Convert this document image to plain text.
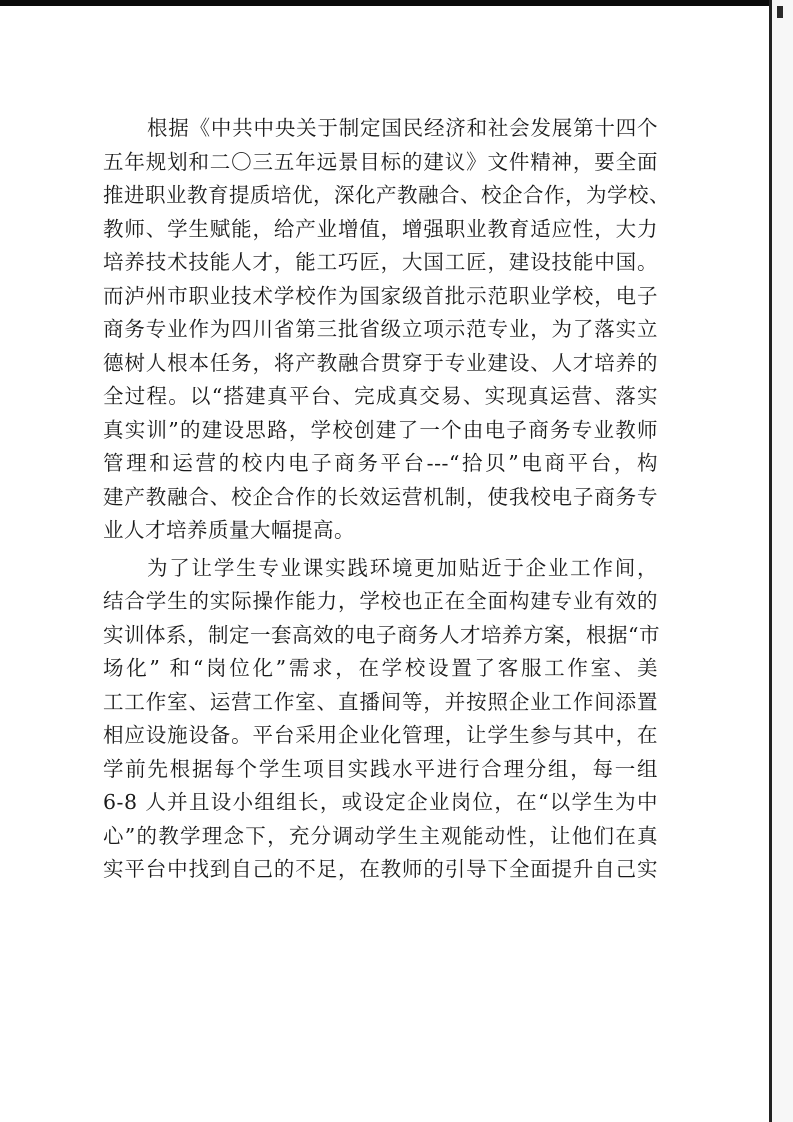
根据《中共中央关于制定国民经济和社会发展第十四个
五年规划和二〇三五年远景目标的建议》文件精神，要全面
推进职业教育提质培优，深化产教融合、校企合作，为学校、
教师、学生赋能，给产业增值，增强职业教育适应性，大力
培养技术技能人才，能工巧匠，大国工匠，建设技能中国。
而泸州市职业技术学校作为国家级首批示范职业学校，电子
商务专业作为四川省第三批省级立项示范专业，为了落实立
德树人根本任务，将产教融合贯穿于专业建设、人才培养的
全过程。以“搭建真平台、完成真交易、实现真运营、落实
真实训”的建设思路，学校创建了一个由电子商务专业教师
管理和运营的校内电子商务平台---“拾贝”电商平台，构
建产教融合、校企合作的长效运营机制，使我校电子商务专
业人才培养质量大幅提高。
为了让学生专业课实践环境更加贴近于企业工作间，
结合学生的实际操作能力，学校也正在全面构建专业有效的
实训体系，制定一套高效的电子商务人才培养方案，根据“市
场化” 和“岗位化”需求，在学校设置了客服工作室、美
工工作室、运营工作室、直播间等，并按照企业工作间添置
相应设施设备。平台采用企业化管理，让学生参与其中，在
学前先根据每个学生项目实践水平进行合理分组，每一组
6-8 人并且设小组组长，或设定企业岗位，在“以学生为中
心”的教学理念下，充分调动学生主观能动性，让他们在真
实平台中找到自己的不足，在教师的引导下全面提升自己实
